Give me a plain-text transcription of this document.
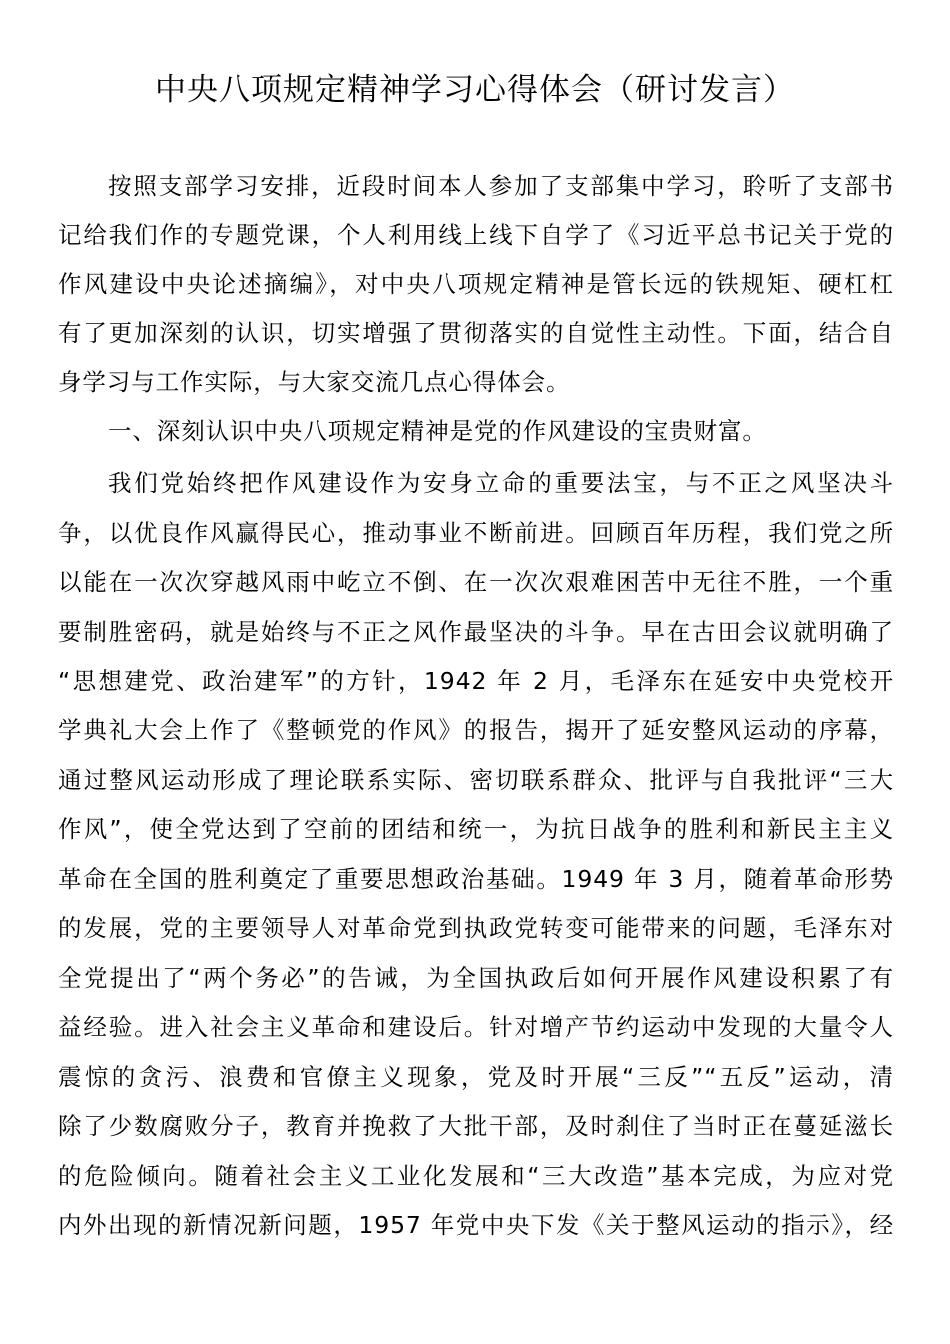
中央八项规定精神学习心得体会（研讨发言）
按照支部学习安排，近段时间本人参加了支部集中学习，聆听了支部书
记给我们作的专题党课，个人利用线上线下自学了《习近平总书记关于党的
作风建设中央论述摘编》，对中央八项规定精神是管长远的铁规矩、硬杠杠
有了更加深刻的认识，切实增强了贯彻落实的自觉性主动性。下面，结合自
身学习与工作实际，与大家交流几点心得体会。
一、深刻认识中央八项规定精神是党的作风建设的宝贵财富。
我们党始终把作风建设作为安身立命的重要法宝，与不正之风坚决斗
争，以优良作风赢得民心，推动事业不断前进。回顾百年历程，我们党之所
以能在一次次穿越风雨中屹立不倒、在一次次艰难困苦中无往不胜，一个重
要制胜密码，就是始终与不正之风作最坚决的斗争。早在古田会议就明确了
“思想建党、政治建军”的方针，1942 年 2 月，毛泽东在延安中央党校开
学典礼大会上作了《整顿党的作风》的报告，揭开了延安整风运动的序幕，
通过整风运动形成了理论联系实际、密切联系群众、批评与自我批评“三大
作风”，使全党达到了空前的团结和统一，为抗日战争的胜利和新民主主义
革命在全国的胜利奠定了重要思想政治基础。1949 年 3 月，随着革命形势
的发展，党的主要领导人对革命党到执政党转变可能带来的问题，毛泽东对
全党提出了“两个务必”的告诫，为全国执政后如何开展作风建设积累了有
益经验。进入社会主义革命和建设后。针对增产节约运动中发现的大量令人
震惊的贪污、浪费和官僚主义现象，党及时开展“三反”“五反”运动，清
除了少数腐败分子，教育并挽救了大批干部，及时刹住了当时正在蔓延滋长
的危险倾向。随着社会主义工业化发展和“三大改造”基本完成，为应对党
内外出现的新情况新问题，1957 年党中央下发《关于整风运动的指示》，经
